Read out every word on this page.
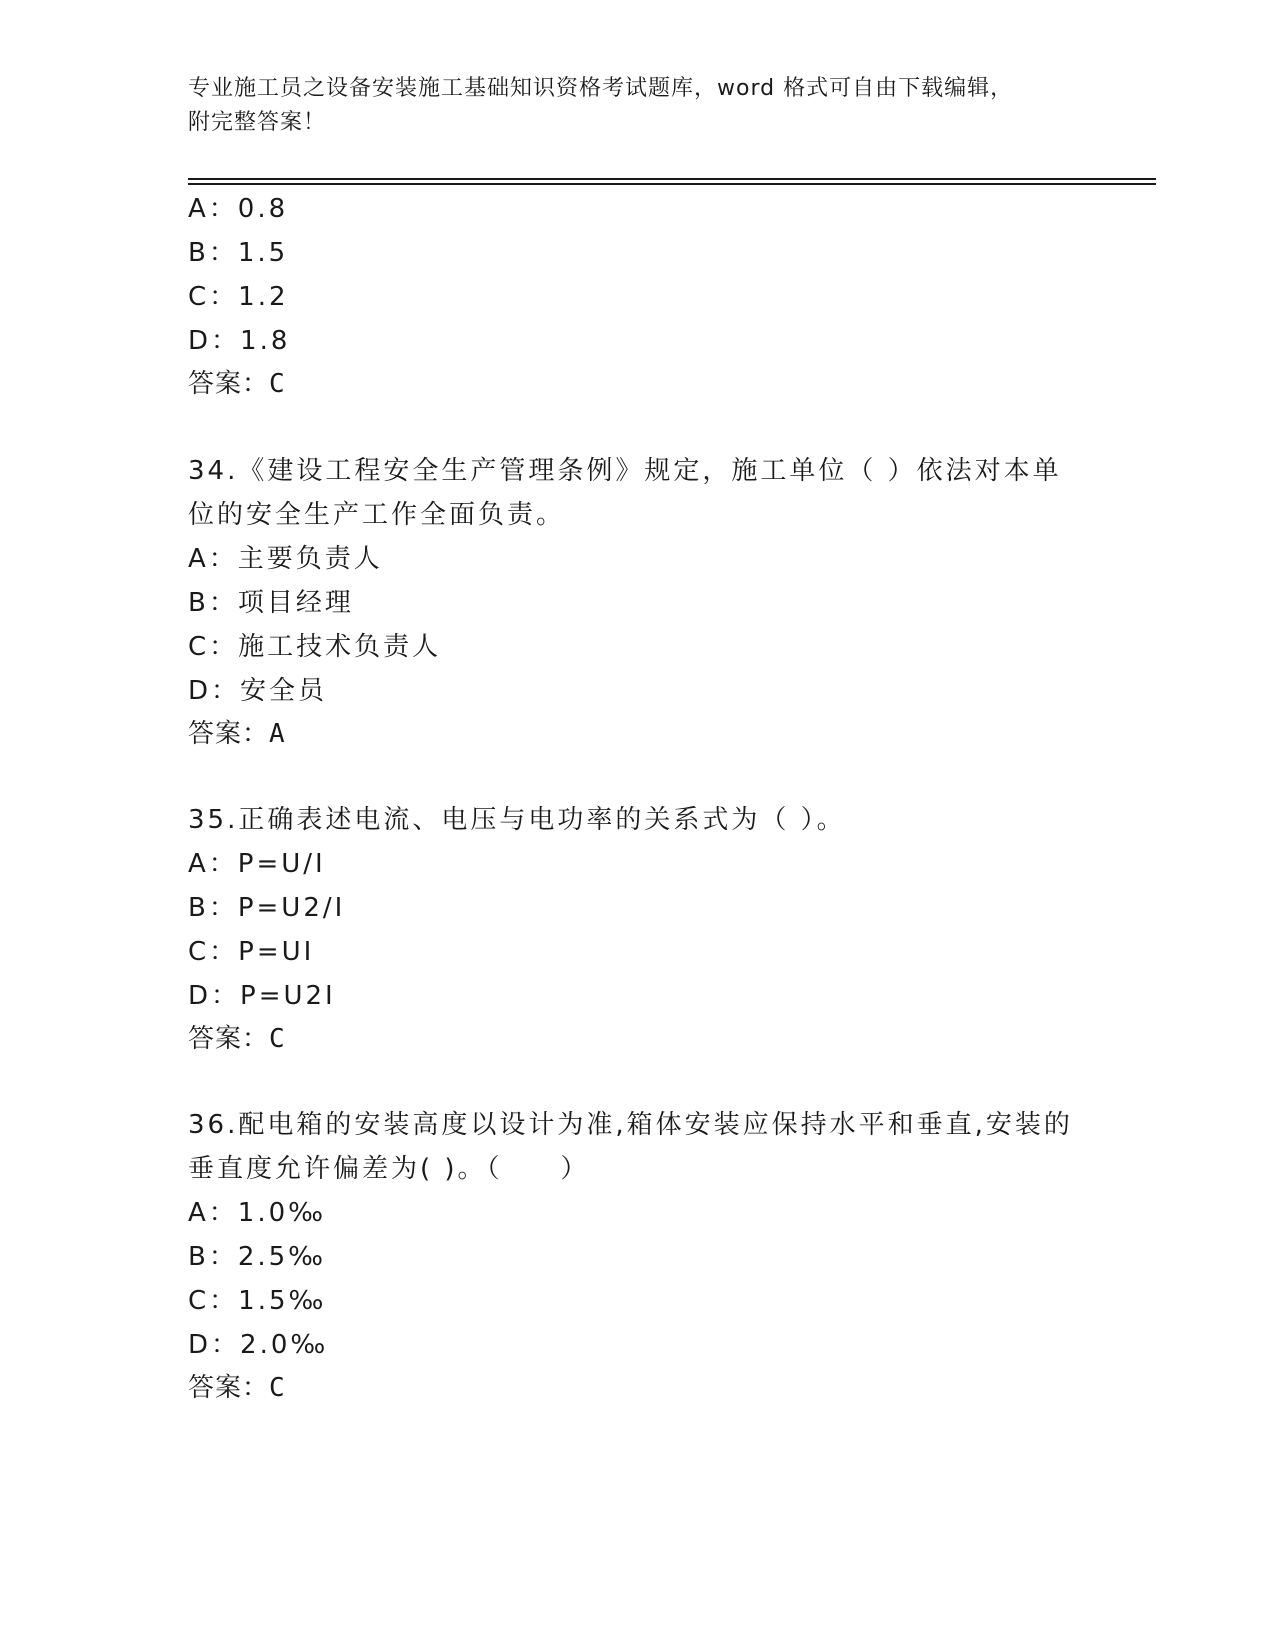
专业施工员之设备安装施工基础知识资格考试题库，word 格式可自由下载编辑，
附完整答案！
A：0.8
B：1.5
C：1.2
D：1.8
答案：C
34.《建设工程安全生产管理条例》规定，施工单位（ ）依法对本单
位的安全生产工作全面负责。
A：主要负责人
B：项目经理
C：施工技术负责人
D：安全员
答案：A
35.正确表述电流、电压与电功率的关系式为（ ）。
A：P=U/I
B：P=U2/I
C：P=UI
D：P=U2I
答案：C
36.配电箱的安装高度以设计为准,箱体安装应保持水平和垂直,安装的
垂直度允许偏差为( )。（　　）
A：1.0‰
B：2.5‰
C：1.5‰
D：2.0‰
答案：C
